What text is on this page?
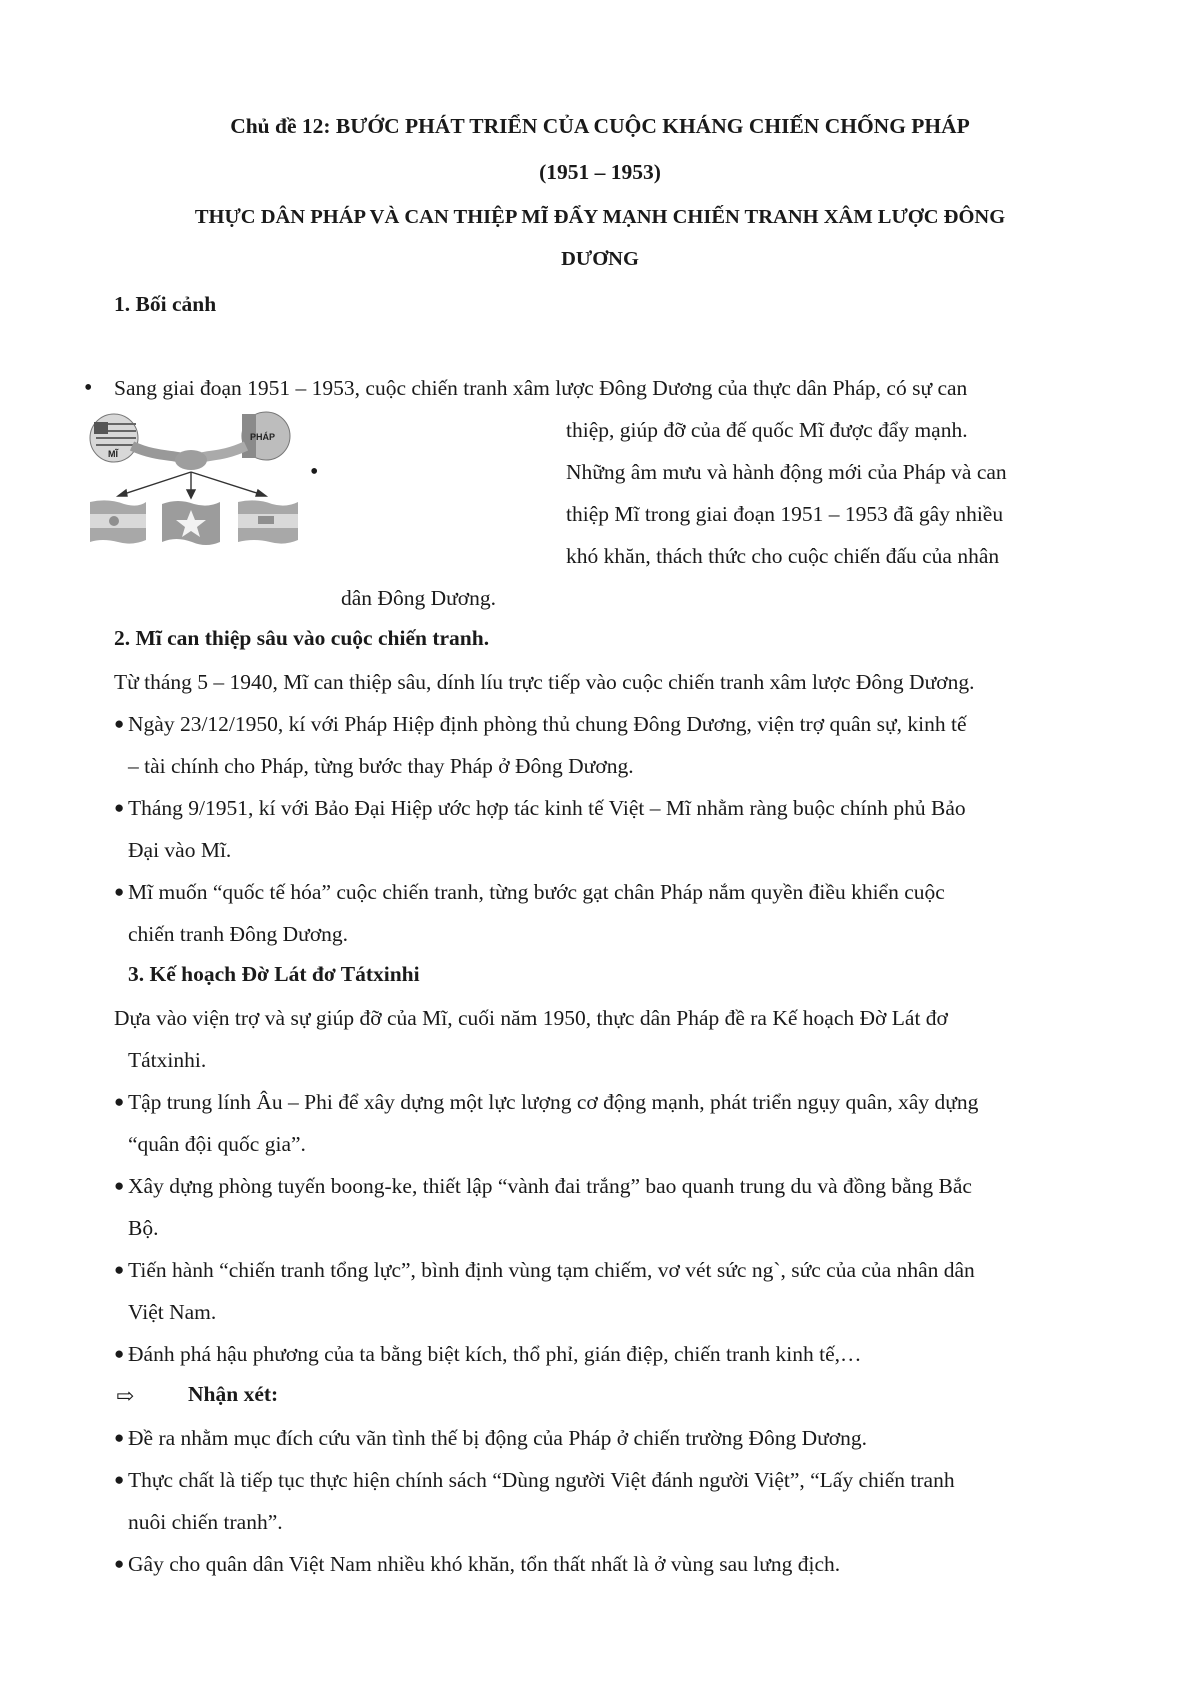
Chủ đề 12: BƯỚC PHÁT TRIỂN CỦA CUỘC KHÁNG CHIẾN CHỐNG PHÁP

(1951 – 1953)

THỰC DÂN PHÁP VÀ CAN THIỆP MĨ ĐẨY MẠNH CHIẾN TRANH XÂM LƯỢC ĐÔNG

DƯƠNG

1. Bối cảnh

• Sang giai đoạn 1951 – 1953, cuộc chiến tranh xâm lược Đông Dương của thực dân Pháp, có sự can

thiệp, giúp đỡ của đế quốc Mĩ được đẩy mạnh.

•	Những âm mưu và hành động mới của Pháp và can

thiệp Mĩ trong giai đoạn 1951 – 1953 đã gây nhiều

khó khăn, thách thức cho cuộc chiến đấu của nhân

dân Đông Dương.

MĨ
PHÁP

2. Mĩ can thiệp sâu vào cuộc chiến tranh.

Từ tháng 5 – 1940, Mĩ can thiệp sâu, dính líu trực tiếp vào cuộc chiến tranh xâm lược Đông Dương.

● Ngày 23/12/1950, kí với Pháp Hiệp định phòng thủ chung Đông Dương, viện trợ quân sự, kinh tế

– tài chính cho Pháp, từng bước thay Pháp ở Đông Dương.

● Tháng 9/1951, kí với Bảo Đại Hiệp ước hợp tác kinh tế Việt – Mĩ nhằm ràng buộc chính phủ Bảo

Đại vào Mĩ.

● Mĩ muốn “quốc tế hóa” cuộc chiến tranh, từng bước gạt chân Pháp nắm quyền điều khiển cuộc

chiến tranh Đông Dương.

3. Kế hoạch Đờ Lát đơ Tátxinhi

Dựa vào viện trợ và sự giúp đỡ của Mĩ, cuối năm 1950, thực dân Pháp đề ra Kế hoạch Đờ Lát đơ

Tátxinhi.

● Tập trung lính Âu – Phi để xây dựng một lực lượng cơ động mạnh, phát triển ngụy quân, xây dựng

“quân đội quốc gia”.

● Xây dựng phòng tuyến boong-ke, thiết lập “vành đai trắng” bao quanh trung du và đồng bằng Bắc

Bộ.

● Tiến hành “chiến tranh tổng lực”, bình định vùng tạm chiếm, vơ vét sức ng`, sức của của nhân dân

Việt Nam.

● Đánh phá hậu phương của ta bằng biệt kích, thổ phỉ, gián điệp, chiến tranh kinh tế,…

⇨	Nhận xét:

● Đề ra nhằm mục đích cứu vãn tình thế bị động của Pháp ở chiến trường Đông Dương.

● Thực chất là tiếp tục thực hiện chính sách “Dùng người Việt đánh người Việt”, “Lấy chiến tranh

nuôi chiến tranh”.

● Gây cho quân dân Việt Nam nhiều khó khăn, tổn thất nhất là ở vùng sau lưng địch.
